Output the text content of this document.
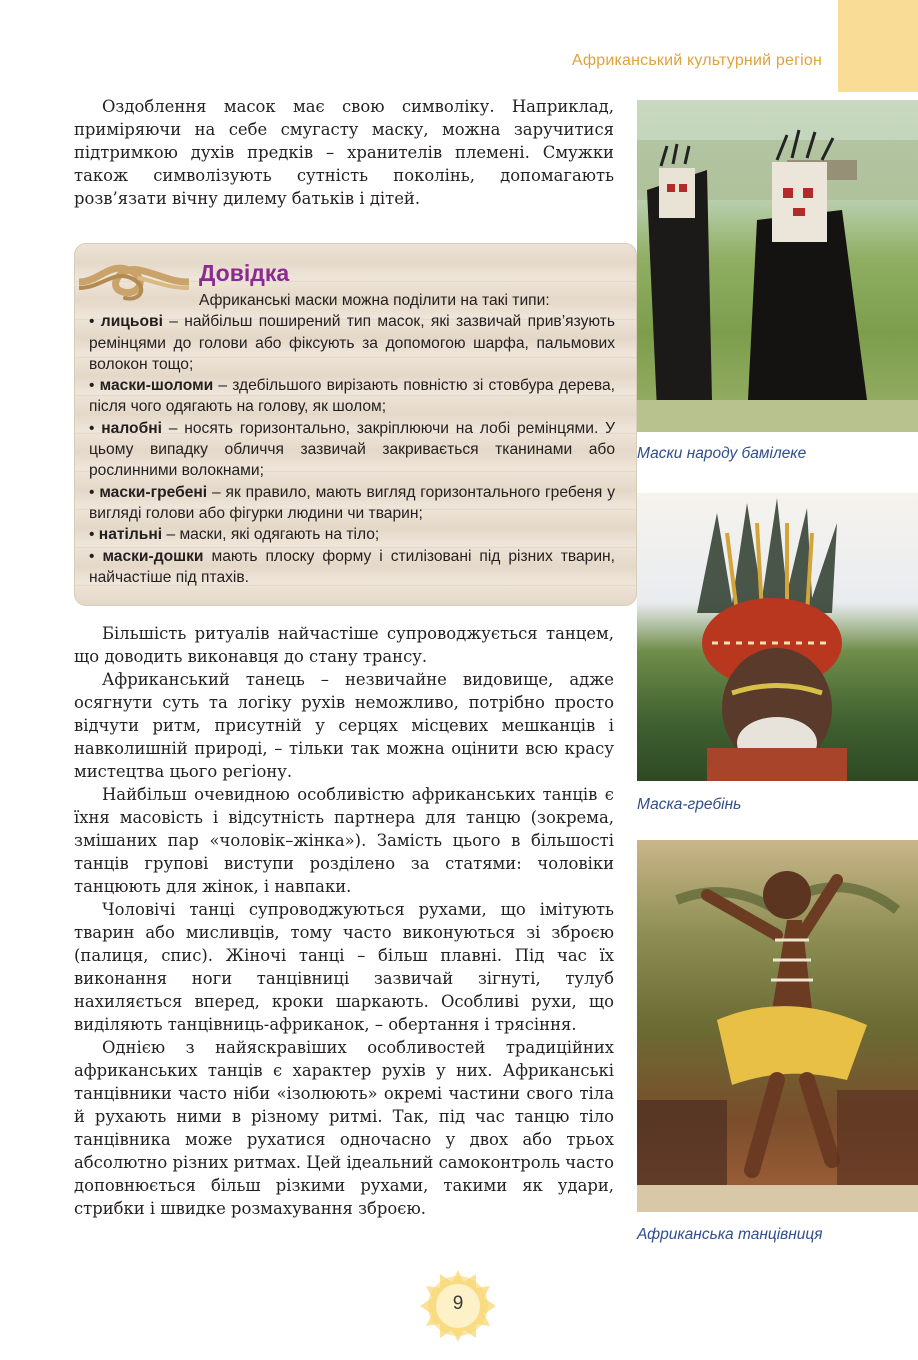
Африканський культурний регіон

Оздоблення масок має свою символіку. Наприклад, приміряючи на себе смугасту маску, можна заручитися підтримкою духів предків – хранителів племені. Смужки також символізують сутність поколінь, допомагають розв’язати вічну дилему батьків і дітей.

Довідка

Африканські маски можна поділити на такі типи:

• лицьові – найбільш поширений тип масок, які зазвичай прив’язують ремінцями до голови або фіксують за допомогою шарфа, пальмових волокон тощо;

• маски-шоломи – здебільшого вирізають повністю зі стовбура дерева, після чого одягають на голову, як шолом;

• налобні – носять горизонтально, закріплюючи на лобі ремінцями. У цьому випадку обличчя зазвичай закривається тканинами або рослинними волокнами;

• маски-гребені – як правило, мають вигляд горизонтального гребеня у вигляді голови або фігурки людини чи тварин;

• натільні – маски, які одягають на тіло;

• маски-дошки мають плоску форму і стилізовані під різних тварин, найчастіше під птахів.

Більшість ритуалів найчастіше супроводжується танцем, що доводить виконавця до стану трансу.

Африканський танець – незвичайне видовище, адже осягнути суть та логіку рухів неможливо, потрібно просто відчути ритм, присутній у серцях місцевих мешканців і навколишній природі, – тільки так можна оцінити всю красу мистецтва цього регіону.

Найбільш очевидною особливістю африканських танців є їхня масовість і відсутність партнера для танцю (зокрема, змішаних пар «чоловік–жінка»). Замість цього в більшості танців групові виступи розділено за статями: чоловіки танцюють для жінок, і навпаки.

Чоловічі танці супроводжуються рухами, що імітують тварин або мисливців, тому часто виконуються зі зброєю (палиця, спис). Жіночі танці – більш плавні. Під час їх виконання ноги танцівниці зазвичай зігнуті, тулуб нахиляється вперед, кроки шаркають. Особливі рухи, що виділяють танцівниць-африканок, – обертання і трясіння.

Однією з найяскравіших особливостей традиційних африканських танців є характер рухів у них. Африканські танцівники часто ніби «ізолюють» окремі частини свого тіла й рухають ними в різному ритмі. Так, під час танцю тіло танцівника може рухатися одночасно у двох або трьох абсолютно різних ритмах. Цей ідеальний самоконтроль часто доповнюється більш різкими рухами, такими як удари, стрибки і швидке розмахування зброєю.

Маски народу бамілеке
Маска-гребінь
Африканська танцівниця
9
